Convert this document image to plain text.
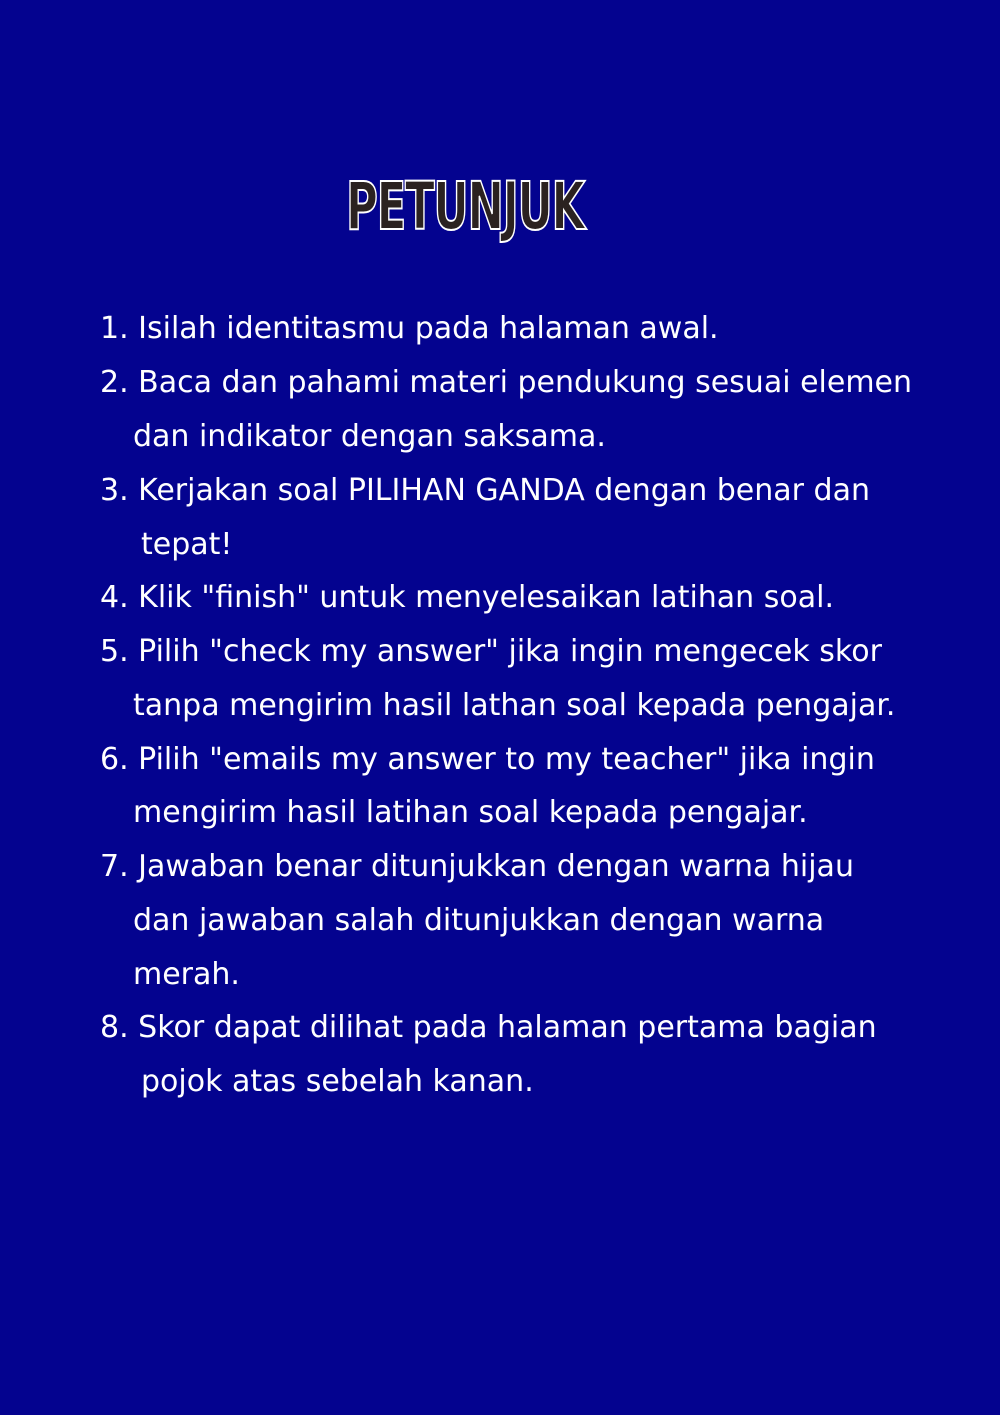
PETUNJUK

1. Isilah identitasmu pada halaman awal.

2. Baca dan pahami materi pendukung sesuai elemen

dan indikator dengan saksama.

3. Kerjakan soal PILIHAN GANDA dengan benar dan

tepat!

4. Klik "finish" untuk menyelesaikan latihan soal.

5. Pilih "check my answer" jika ingin mengecek skor

tanpa mengirim hasil lathan soal kepada pengajar.

6. Pilih "emails my answer to my teacher" jika ingin

mengirim hasil latihan soal kepada pengajar.

7. Jawaban benar ditunjukkan dengan warna hijau

dan jawaban salah ditunjukkan dengan warna

merah.

8. Skor dapat dilihat pada halaman pertama bagian

pojok atas sebelah kanan.
